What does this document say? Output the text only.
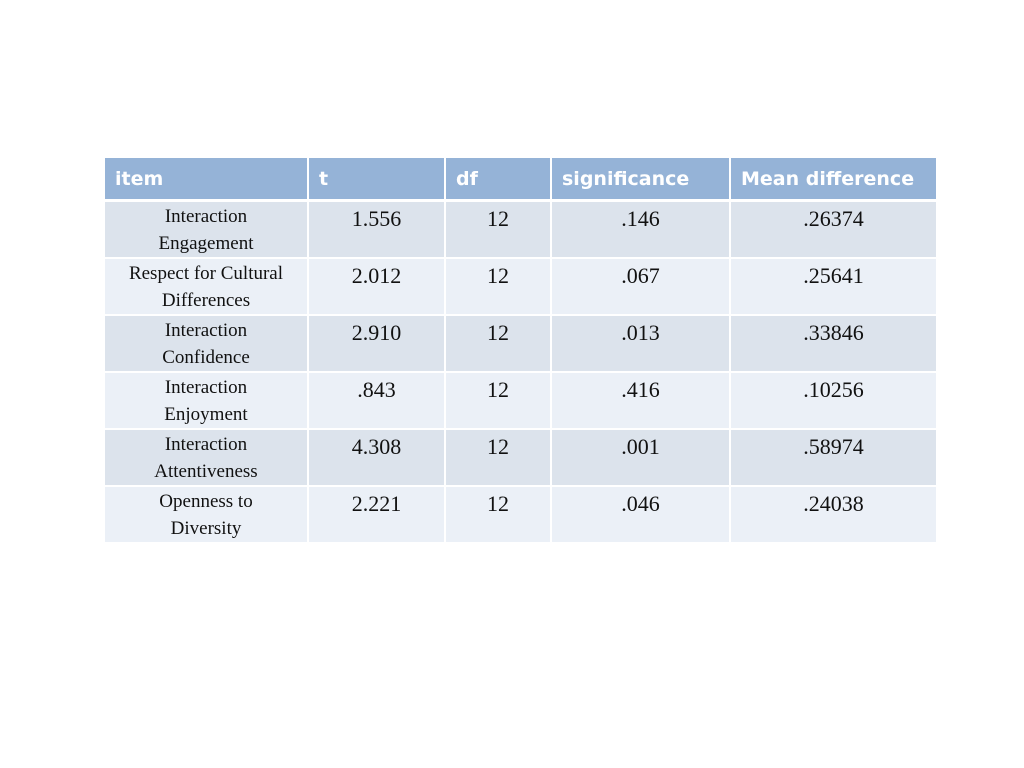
item	t	df	significance	Mean difference
Interaction
Engagement	1.556	12	.146	.26374
Respect for Cultural
Differences	2.012	12	.067	.25641
Interaction
Confidence	2.910	12	.013	.33846
Interaction
Enjoyment	.843	12	.416	.10256
Interaction
Attentiveness	4.308	12	.001	.58974
Openness to
Diversity	2.221	12	.046	.24038
